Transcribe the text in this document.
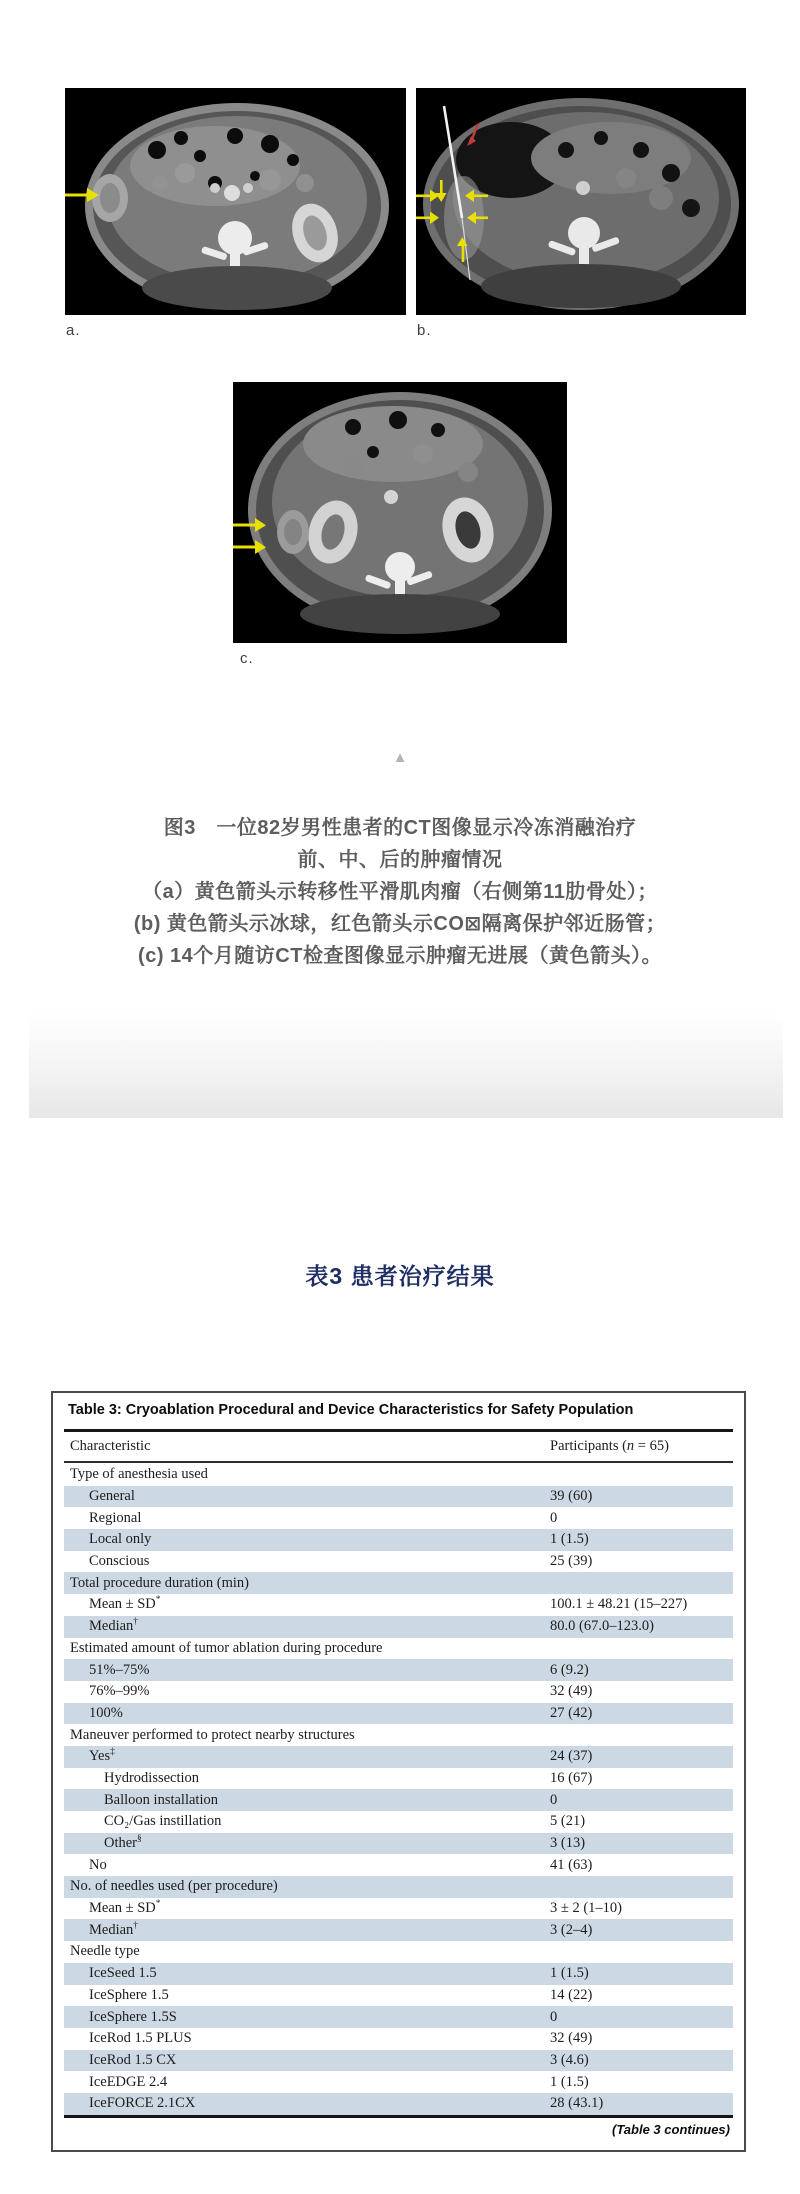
a.	b.
c.
▲
图3　一位82岁男性患者的CT图像显示冷冻消融治疗
前、中、后的肿瘤情况
（a）黄色箭头示转移性平滑肌肉瘤（右侧第11肋骨处）；
(b) 黄色箭头示冰球，红色箭头示CO⊠隔离保护邻近肠管；
(c) 14个月随访CT检查图像显示肿瘤无进展（黄色箭头）。
表3 患者治疗结果
Table 3: Cryoablation Procedural and Device Characteristics for Safety Population
Characteristic	Participants (n = 65)
Type of anesthesia used
General	39 (60)
Regional	0
Local only	1 (1.5)
Conscious	25 (39)
Total procedure duration (min)
Mean ± SD*	100.1 ± 48.21 (15–227)
Median†	80.0 (67.0–123.0)
Estimated amount of tumor ablation during procedure
51%–75%	6 (9.2)
76%–99%	32 (49)
100%	27 (42)
Maneuver performed to protect nearby structures
Yes‡	24 (37)
Hydrodissection	16 (67)
Balloon installation	0
CO₂/Gas instillation	5 (21)
Other§	3 (13)
No	41 (63)
No. of needles used (per procedure)
Mean ± SD*	3 ± 2 (1–10)
Median†	3 (2–4)
Needle type
IceSeed 1.5	1 (1.5)
IceSphere 1.5	14 (22)
IceSphere 1.5S	0
IceRod 1.5 PLUS	32 (49)
IceRod 1.5 CX	3 (4.6)
IceEDGE 2.4	1 (1.5)
IceFORCE 2.1CX	28 (43.1)
(Table 3 continues)
